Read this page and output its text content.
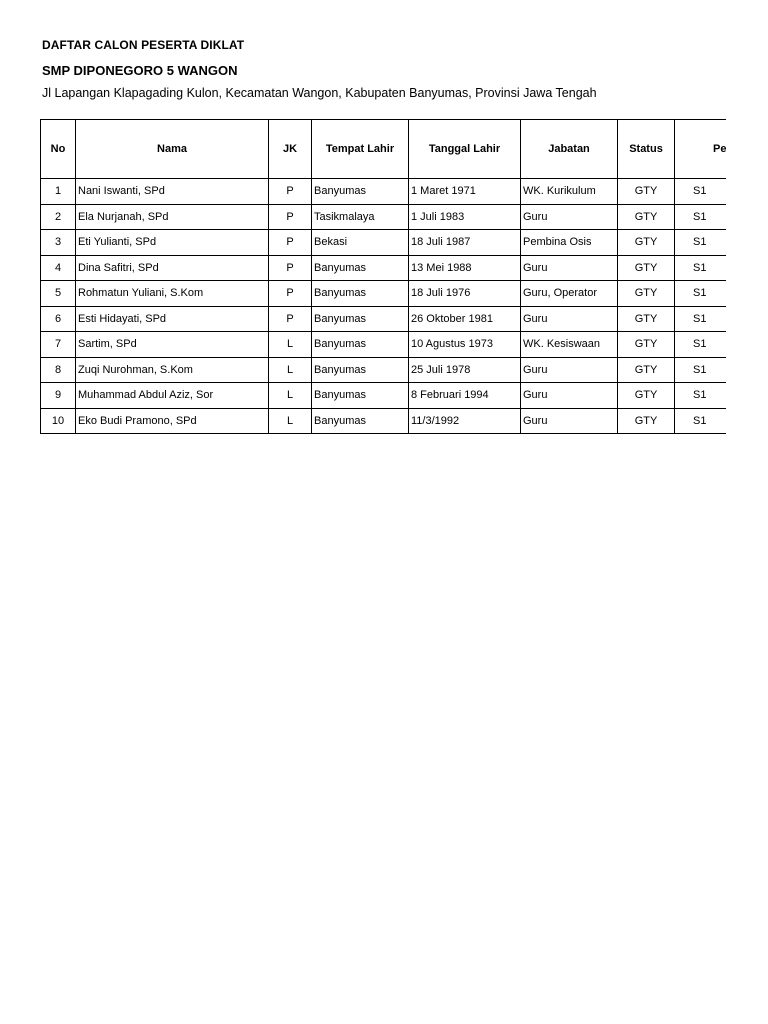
DAFTAR CALON PESERTA DIKLAT
SMP DIPONEGORO 5 WANGON
Jl Lapangan Klapagading Kulon, Kecamatan Wangon, Kabupaten Banyumas, Provinsi Jawa Tengah
No	Nama	JK	Tempat Lahir	Tanggal Lahir	Jabatan	Status	Pe
1	Nani Iswanti, SPd	P	Banyumas	1 Maret 1971	WK. Kurikulum	GTY	S1
2	Ela Nurjanah, SPd	P	Tasikmalaya	1 Juli 1983	Guru	GTY	S1
3	Eti Yulianti, SPd	P	Bekasi	18 Juli 1987	Pembina Osis	GTY	S1
4	Dina Safitri, SPd	P	Banyumas	13 Mei 1988	Guru	GTY	S1
5	Rohmatun Yuliani, S.Kom	P	Banyumas	18 Juli 1976	Guru, Operator	GTY	S1
6	Esti Hidayati, SPd	P	Banyumas	26 Oktober 1981	Guru	GTY	S1
7	Sartim, SPd	L	Banyumas	10 Agustus 1973	WK. Kesiswaan	GTY	S1
8	Zuqi Nurohman, S.Kom	L	Banyumas	25 Juli 1978	Guru	GTY	S1
9	Muhammad Abdul Aziz, Sor	L	Banyumas	8 Februari 1994	Guru	GTY	S1
10	Eko Budi Pramono, SPd	L	Banyumas	11/3/1992	Guru	GTY	S1
